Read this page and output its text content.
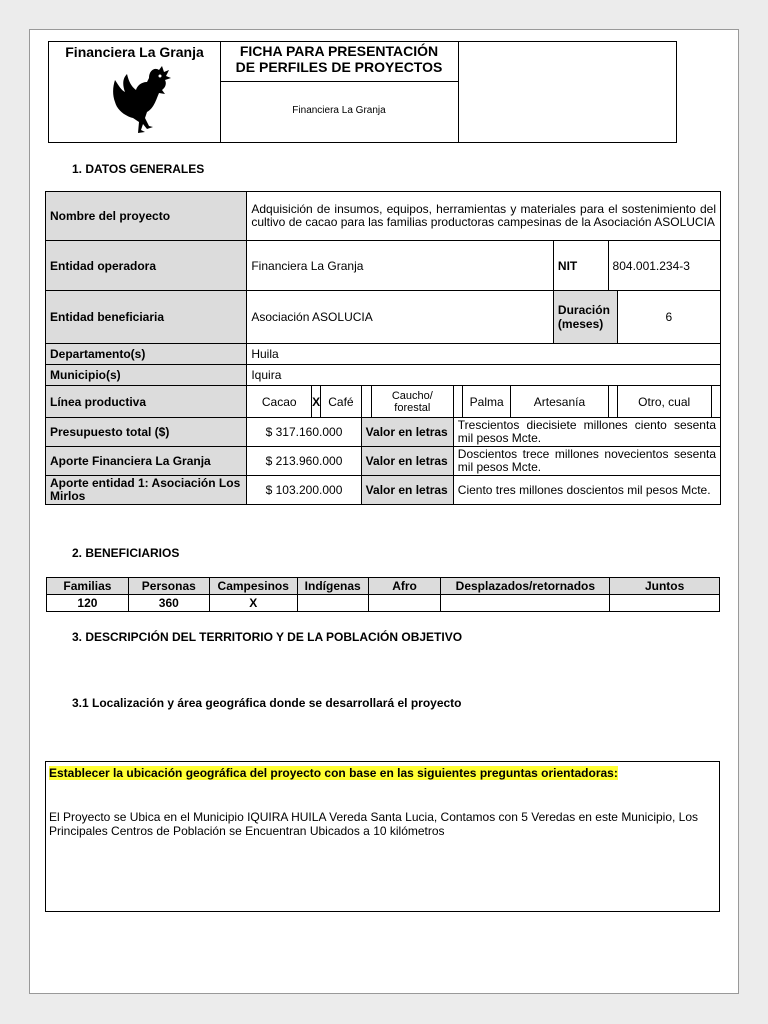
Financiera La Granja	FICHA PARA PRESENTACIÓN DE PERFILES DE PROYECTOS
Financiera La Granja
1. DATOS GENERALES
Nombre del proyecto	Adquisición de insumos, equipos, herramientas y materiales para el sostenimiento del cultivo de cacao para las familias productoras campesinas de la Asociación ASOLUCIA											
Entidad operadora	Financiera La Granja								NIT	804.001.234-3		
Entidad beneficiaria	Asociación ASOLUCIA								Duración (meses)		6	
Departamento(s)	Huila											
Municipio(s)	Iquira											
Línea productiva	Cacao	X	Café		Caucho/ forestal		Palma	Artesanía			Otro, cual	
Presupuesto total ($)	$ 317.160.000			Valor en letras		Trescientos diecisiete millones ciento sesenta mil pesos Mcte.						
Aporte Financiera La Granja	$ 213.960.000			Valor en letras		Doscientos trece millones novecientos sesenta mil pesos Mcte.						
Aporte entidad 1: Asociación Los Mirlos	$ 103.200.000			Valor en letras		Ciento tres millones doscientos mil pesos Mcte.						
2. BENEFICIARIOS
Familias	Personas	Campesinos	Indígenas	Afro	Desplazados/retornados	Juntos
120	360	X				
3. DESCRIPCIÓN DEL TERRITORIO Y DE LA POBLACIÓN OBJETIVO
3.1 Localización y área geográfica donde se desarrollará el proyecto
Establecer la ubicación geográfica del proyecto con base en las siguientes preguntas orientadoras:
El Proyecto se Ubica en el Municipio IQUIRA HUILA Vereda Santa Lucia, Contamos con 5 Veredas en este Municipio, Los Principales Centros de Población se Encuentran Ubicados a 10 kilómetros
